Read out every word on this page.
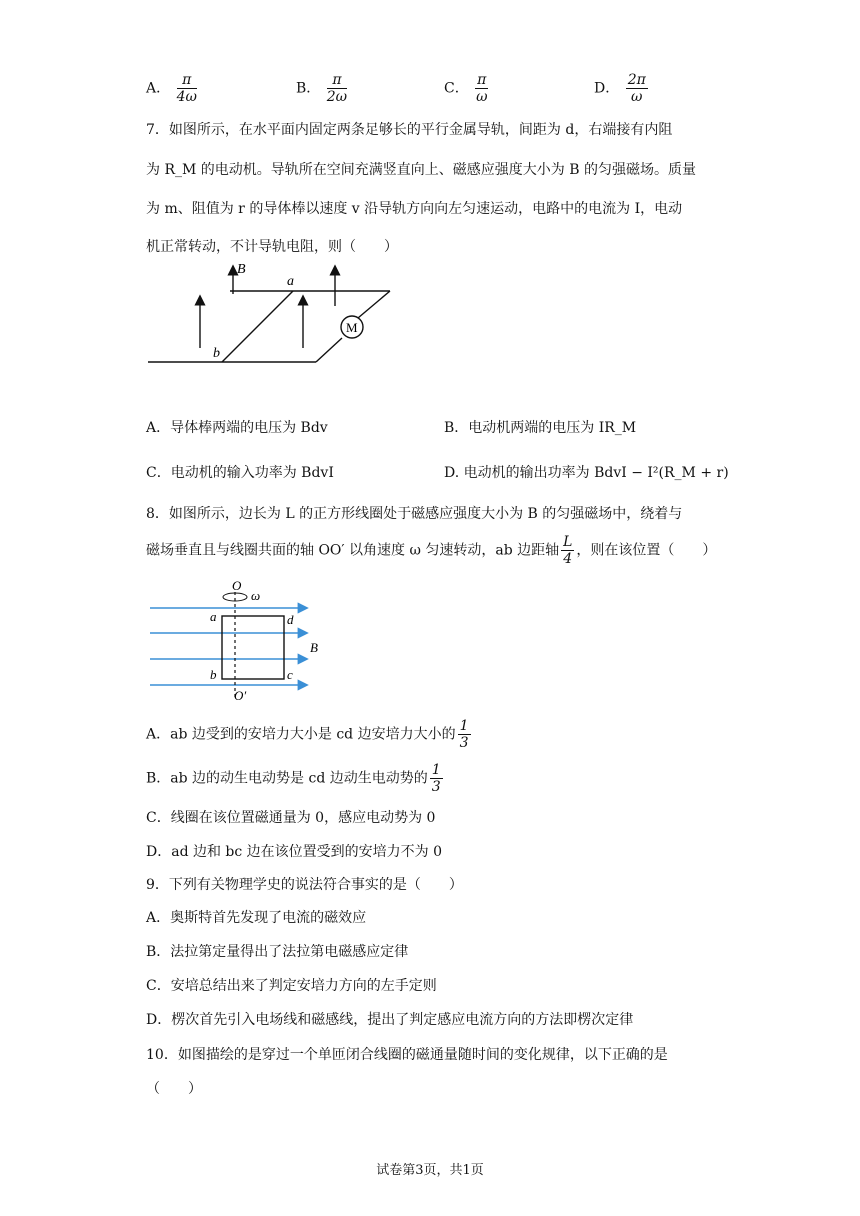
A． $\frac{\pi}{4\omega}$	B． $\frac{\pi}{2\omega}$	C． $\frac{\pi}{\omega}$	D． $\frac{2\pi}{\omega}$
7．如图所示，在水平面内固定两条足够长的平行金属导轨，间距为 d，右端接有内阻
为 R_M 的电动机。导轨所在空间充满竖直向上、磁感应强度大小为 B 的匀强磁场。质量
为 m、阻值为 r 的导体棒以速度 v 沿导轨方向向左匀速运动，电路中的电流为 I，电动
机正常转动，不计导轨电阻，则（　　）
B
a
b
M
A．导体棒两端的电压为 Bdv	B．电动机两端的电压为 IR_M
C．电动机的输入功率为 BdvI	D. 电动机的输出功率为 BdvI − I²(R_M + r)
8．如图所示，边长为 L 的正方形线圈处于磁感应强度大小为 B 的匀强磁场中，绕着与
磁场垂直且与线圈共面的轴 OO′ 以角速度 ω 匀速转动，ab 边距轴 $\frac{L}{4}$ ，则在该位置（　　）
O
ω
a	d
B
b	c
O′
A．ab 边受到的安培力大小是 cd 边安培力大小的 $\frac{1}{3}$
B．ab 边的动生电动势是 cd 边动生电动势的 $\frac{1}{3}$
C．线圈在该位置磁通量为 0，感应电动势为 0
D．ad 边和 bc 边在该位置受到的安培力不为 0
9．下列有关物理学史的说法符合事实的是（　　）
A．奥斯特首先发现了电流的磁效应
B．法拉第定量得出了法拉第电磁感应定律
C．安培总结出来了判定安培力方向的左手定则
D．楞次首先引入电场线和磁感线，提出了判定感应电流方向的方法即楞次定律
10．如图描绘的是穿过一个单匝闭合线圈的磁通量随时间的变化规律，以下正确的是
（　　）
试卷第3页，共1页
